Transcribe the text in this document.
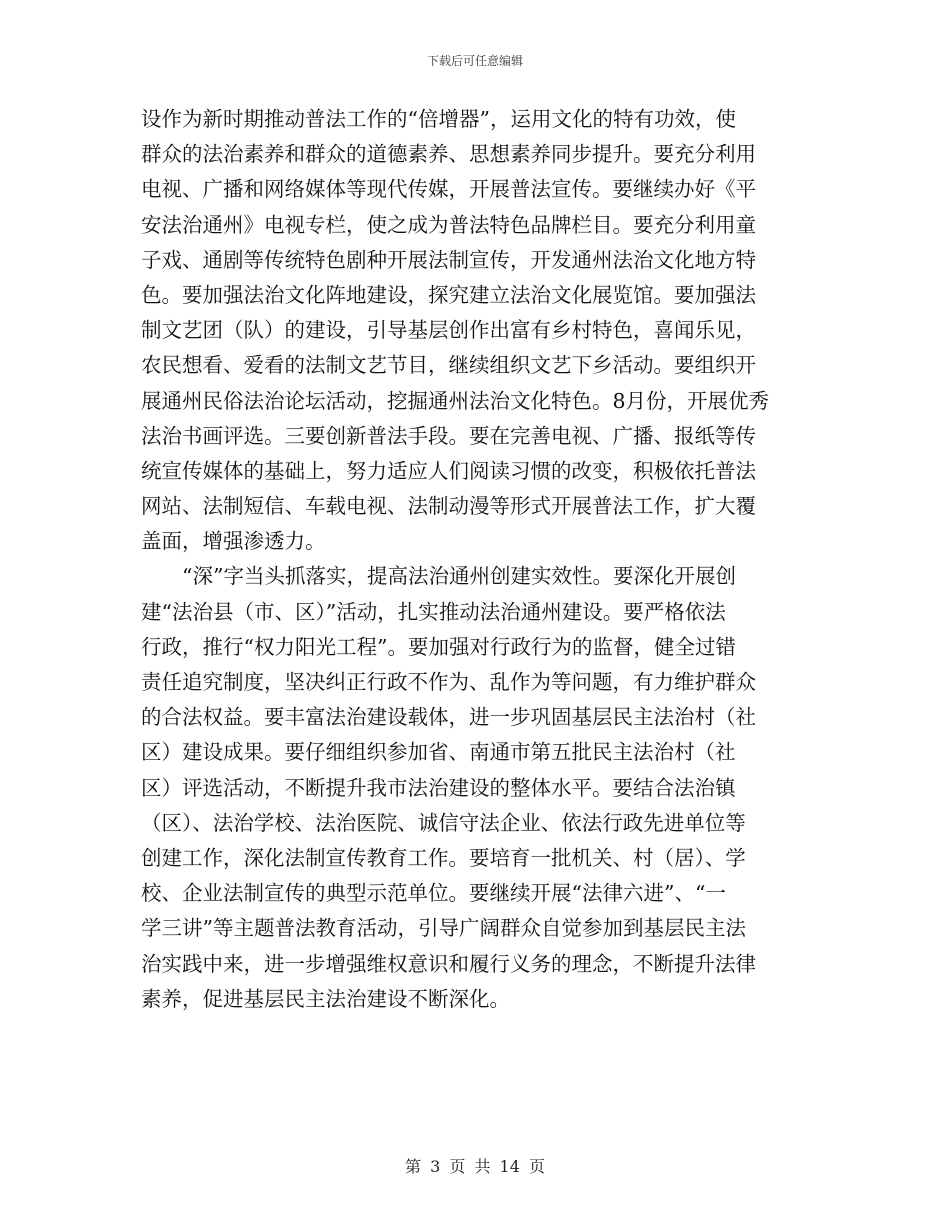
下载后可任意编辑
设作为新时期推动普法工作的“倍增器”，运用文化的特有功效，使
群众的法治素养和群众的道德素养、思想素养同步提升。要充分利用
电视、广播和网络媒体等现代传媒，开展普法宣传。要继续办好《平
安法治通州》电视专栏，使之成为普法特色品牌栏目。要充分利用童
子戏、通剧等传统特色剧种开展法制宣传，开发通州法治文化地方特
色。要加强法治文化阵地建设，探究建立法治文化展览馆。要加强法
制文艺团（队）的建设，引导基层创作出富有乡村特色，喜闻乐见，
农民想看、爱看的法制文艺节目，继续组织文艺下乡活动。要组织开
展通州民俗法治论坛活动，挖掘通州法治文化特色。8月份，开展优秀
法治书画评选。三要创新普法手段。要在完善电视、广播、报纸等传
统宣传媒体的基础上，努力适应人们阅读习惯的改变，积极依托普法
网站、法制短信、车载电视、法制动漫等形式开展普法工作，扩大覆
盖面，增强渗透力。
“深”字当头抓落实，提高法治通州创建实效性。要深化开展创
建“法治县（市、区）”活动，扎实推动法治通州建设。要严格依法
行政，推行“权力阳光工程”。要加强对行政行为的监督，健全过错
责任追究制度，坚决纠正行政不作为、乱作为等问题，有力维护群众
的合法权益。要丰富法治建设载体，进一步巩固基层民主法治村（社
区）建设成果。要仔细组织参加省、南通市第五批民主法治村（社
区）评选活动，不断提升我市法治建设的整体水平。要结合法治镇
（区）、法治学校、法治医院、诚信守法企业、依法行政先进单位等
创建工作，深化法制宣传教育工作。要培育一批机关、村（居）、学
校、企业法制宣传的典型示范单位。要继续开展“法律六进”、“一
学三讲”等主题普法教育活动，引导广阔群众自觉参加到基层民主法
治实践中来，进一步增强维权意识和履行义务的理念，不断提升法律
素养，促进基层民主法治建设不断深化。
第 3 页 共 14 页
